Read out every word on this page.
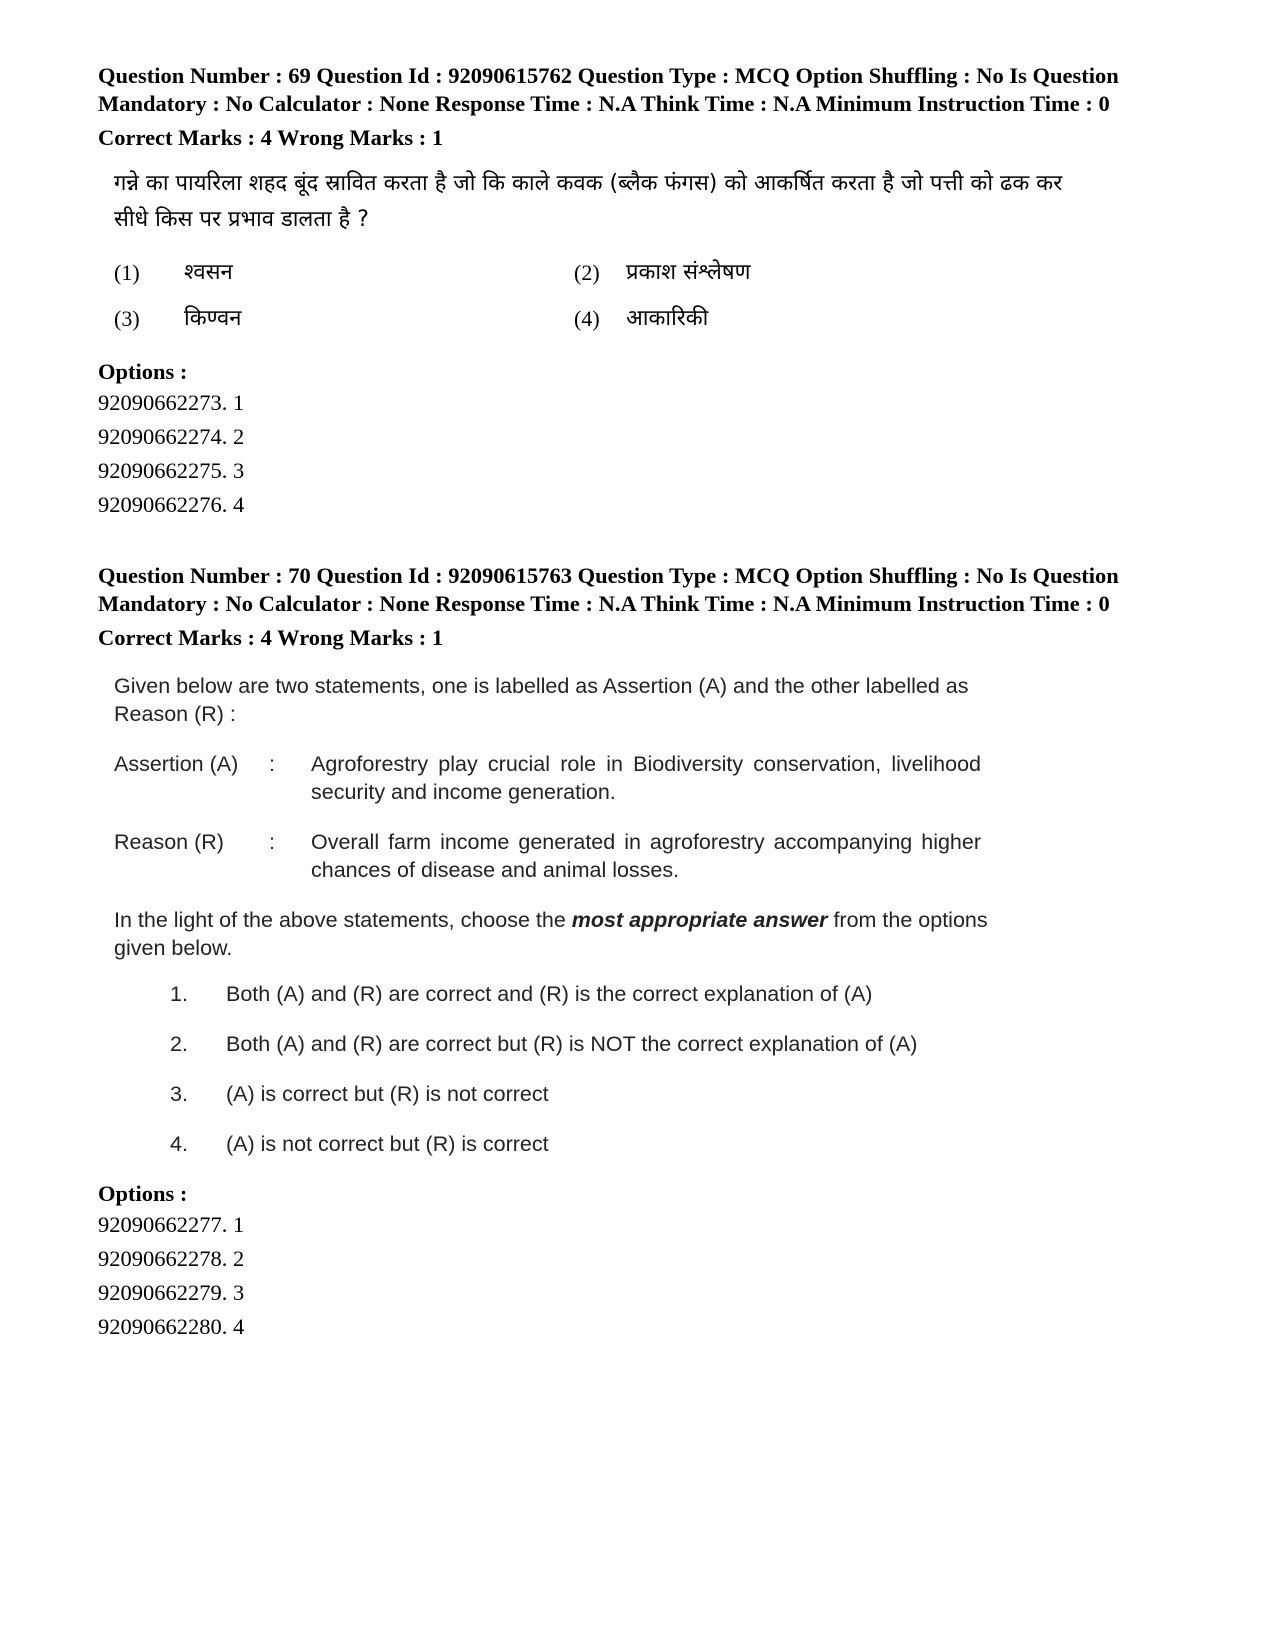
Question Number : 69 Question Id : 92090615762 Question Type : MCQ Option Shuffling : No Is Question Mandatory : No Calculator : None Response Time : N.A Think Time : N.A Minimum Instruction Time : 0

Correct Marks : 4 Wrong Marks : 1

गन्ने का पायरिला शहद बूंद स्रावित करता है जो कि काले कवक (ब्लैक फंगस) को आकर्षित करता है जो पत्ती को ढक कर सीधे किस पर प्रभाव डालता है ?
(1)	श्वसन	(2)	प्रकाश संश्लेषण
(3)	किण्वन	(4)	आकारिकी

Options :

92090662273. 1
92090662274. 2
92090662275. 3
92090662276. 4

Question Number : 70 Question Id : 92090615763 Question Type : MCQ Option Shuffling : No Is Question Mandatory : No Calculator : None Response Time : N.A Think Time : N.A Minimum Instruction Time : 0

Correct Marks : 4 Wrong Marks : 1

Given below are two statements, one is labelled as Assertion (A) and the other labelled as Reason (R) :
Assertion (A)	:	Agroforestry play crucial role in Biodiversity conservation, livelihood security and income generation.
Reason (R)	:	Overall farm income generated in agroforestry accompanying higher chances of disease and animal losses.
In the light of the above statements, choose the most appropriate answer from the options given below.
1.	Both (A) and (R) are correct and (R) is the correct explanation of (A)
2.	Both (A) and (R) are correct but (R) is NOT the correct explanation of (A)
3.	(A) is correct but (R) is not correct
4.	(A) is not correct but (R) is correct

Options :

92090662277. 1
92090662278. 2
92090662279. 3
92090662280. 4
